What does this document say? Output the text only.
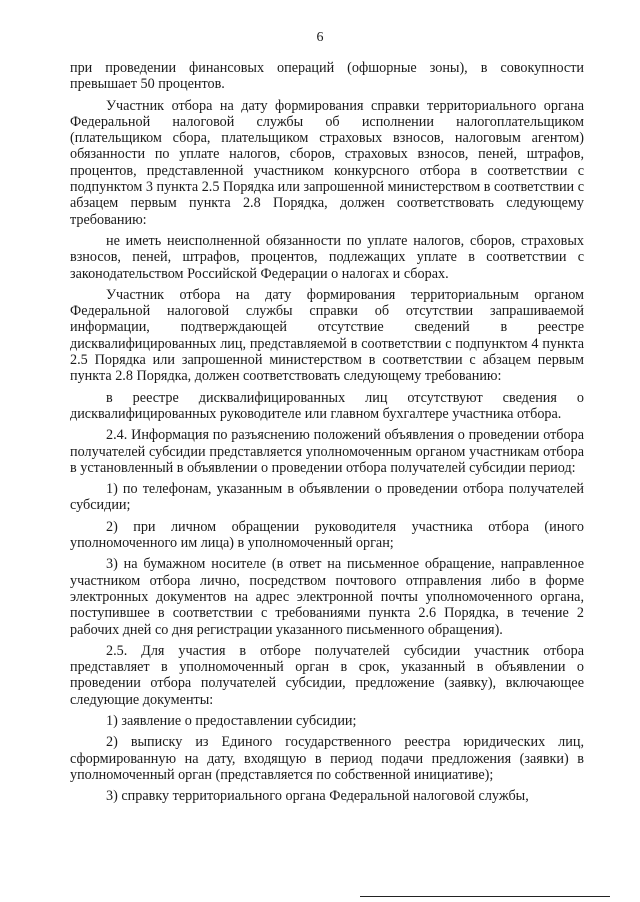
6

при проведении финансовых операций (офшорные зоны), в совокупности превышает 50 процентов.

Участник отбора на дату формирования справки территориального органа Федеральной налоговой службы об исполнении налогоплательщиком (плательщиком сбора, плательщиком страховых взносов, налоговым агентом) обязанности по уплате налогов, сборов, страховых взносов, пеней, штрафов, процентов, представленной участником конкурсного отбора в соответствии с подпунктом 3 пункта 2.5 Порядка или запрошенной министерством в соответствии с абзацем первым пункта 2.8 Порядка, должен соответствовать следующему требованию:

не иметь неисполненной обязанности по уплате налогов, сборов, страховых взносов, пеней, штрафов, процентов, подлежащих уплате в соответствии с законодательством Российской Федерации о налогах и сборах.

Участник отбора на дату формирования территориальным органом Федеральной налоговой службы справки об отсутствии запрашиваемой информации, подтверждающей отсутствие сведений в реестре дисквалифицированных лиц, представляемой в соответствии с подпунктом 4 пункта 2.5 Порядка или запрошенной министерством в соответствии с абзацем первым пункта 2.8 Порядка, должен соответствовать следующему требованию:

в реестре дисквалифицированных лиц отсутствуют сведения о дисквалифицированных руководителе или главном бухгалтере участника отбора.

2.4. Информация по разъяснению положений объявления о проведении отбора получателей субсидии представляется уполномоченным органом участникам отбора в установленный в объявлении о проведении отбора получателей субсидии период:

1) по телефонам, указанным в объявлении о проведении отбора получателей субсидии;

2) при личном обращении руководителя участника отбора (иного уполномоченного им лица) в уполномоченный орган;

3) на бумажном носителе (в ответ на письменное обращение, направленное участником отбора лично, посредством почтового отправления либо в форме электронных документов на адрес электронной почты уполномоченного органа, поступившее в соответствии с требованиями пункта 2.6 Порядка, в течение 2 рабочих дней со дня регистрации указанного письменного обращения).

2.5. Для участия в отборе получателей субсидии участник отбора представляет в уполномоченный орган в срок, указанный в объявлении о проведении отбора получателей субсидии, предложение (заявку), включающее следующие документы:

1) заявление о предоставлении субсидии;

2) выписку из Единого государственного реестра юридических лиц, сформированную на дату, входящую в период подачи предложения (заявки) в уполномоченный орган (представляется по собственной инициативе);

3) справку территориального органа Федеральной налоговой службы,
